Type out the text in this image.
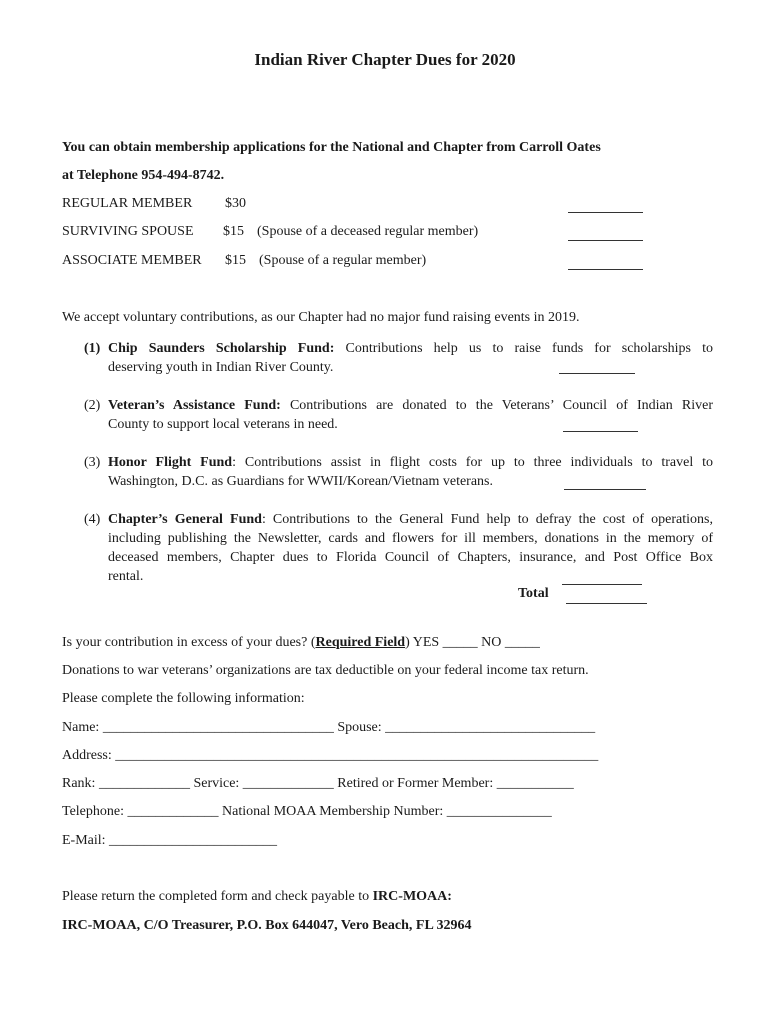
Indian River Chapter Dues for 2020
You can obtain membership applications for the National and Chapter from Carroll Oates
at Telephone 954-494-8742.
REGULAR MEMBER $30
SURVIVING SPOUSE $15 (Spouse of a deceased regular member)
ASSOCIATE MEMBER $15 (Spouse of a regular member)
We accept voluntary contributions, as our Chapter had no major fund raising events in 2019.
(1) Chip Saunders Scholarship Fund: Contributions help us to raise funds for scholarships to
deserving youth in Indian River County.
(2) Veteran’s Assistance Fund: Contributions are donated to the Veterans’ Council of Indian River
County to support local veterans in need.
(3) Honor Flight Fund: Contributions assist in flight costs for up to three individuals to travel to
Washington, D.C. as Guardians for WWII/Korean/Vietnam veterans.
(4) Chapter’s General Fund: Contributions to the General Fund help to defray the cost of operations,
including publishing the Newsletter, cards and flowers for ill members, donations in the memory of
deceased members, Chapter dues to Florida Council of Chapters, insurance, and Post Office Box
rental.
Total
Is your contribution in excess of your dues? (Required Field) YES _____ NO _____
Donations to war veterans’ organizations are tax deductible on your federal income tax return.
Please complete the following information:
Name: _________________________________ Spouse: ______________________________
Address: _____________________________________________________________________
Rank: _____________ Service: _____________ Retired or Former Member: ___________
Telephone: _____________ National MOAA Membership Number: _______________
E-Mail: ________________________
Please return the completed form and check payable to IRC-MOAA:
IRC-MOAA, C/O Treasurer, P.O. Box 644047, Vero Beach, FL 32964
